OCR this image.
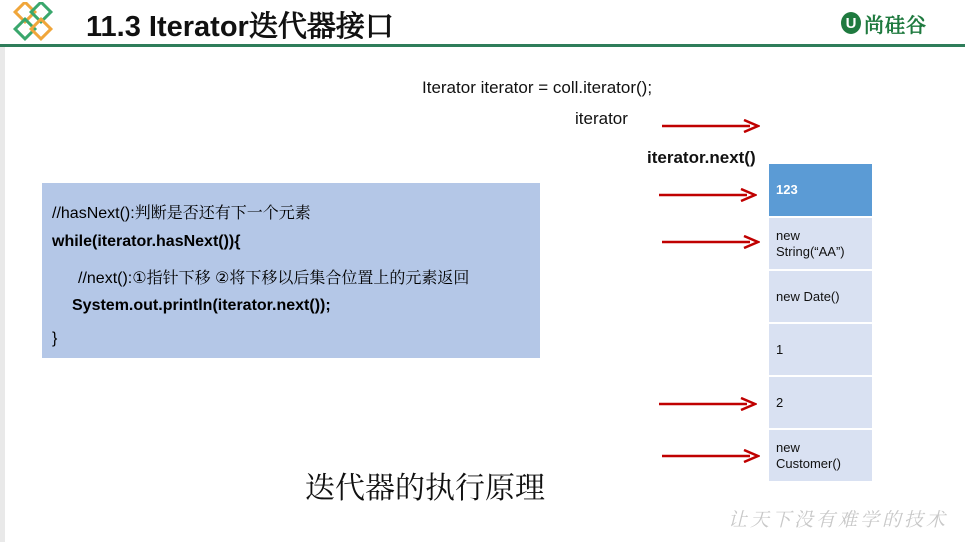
11.3 Iterator迭代器接口	U 尚硅谷
Iterator iterator = coll.iterator();
iterator
iterator.next()
//hasNext():判断是否还有下一个元素
while(iterator.hasNext()){
//next():①指针下移 ②将下移以后集合位置上的元素返回
System.out.println(iterator.next());
}
123
new
String(“AA”)
new Date()
1
2
new
Customer()
迭代器的执行原理
让天下没有难学的技术
